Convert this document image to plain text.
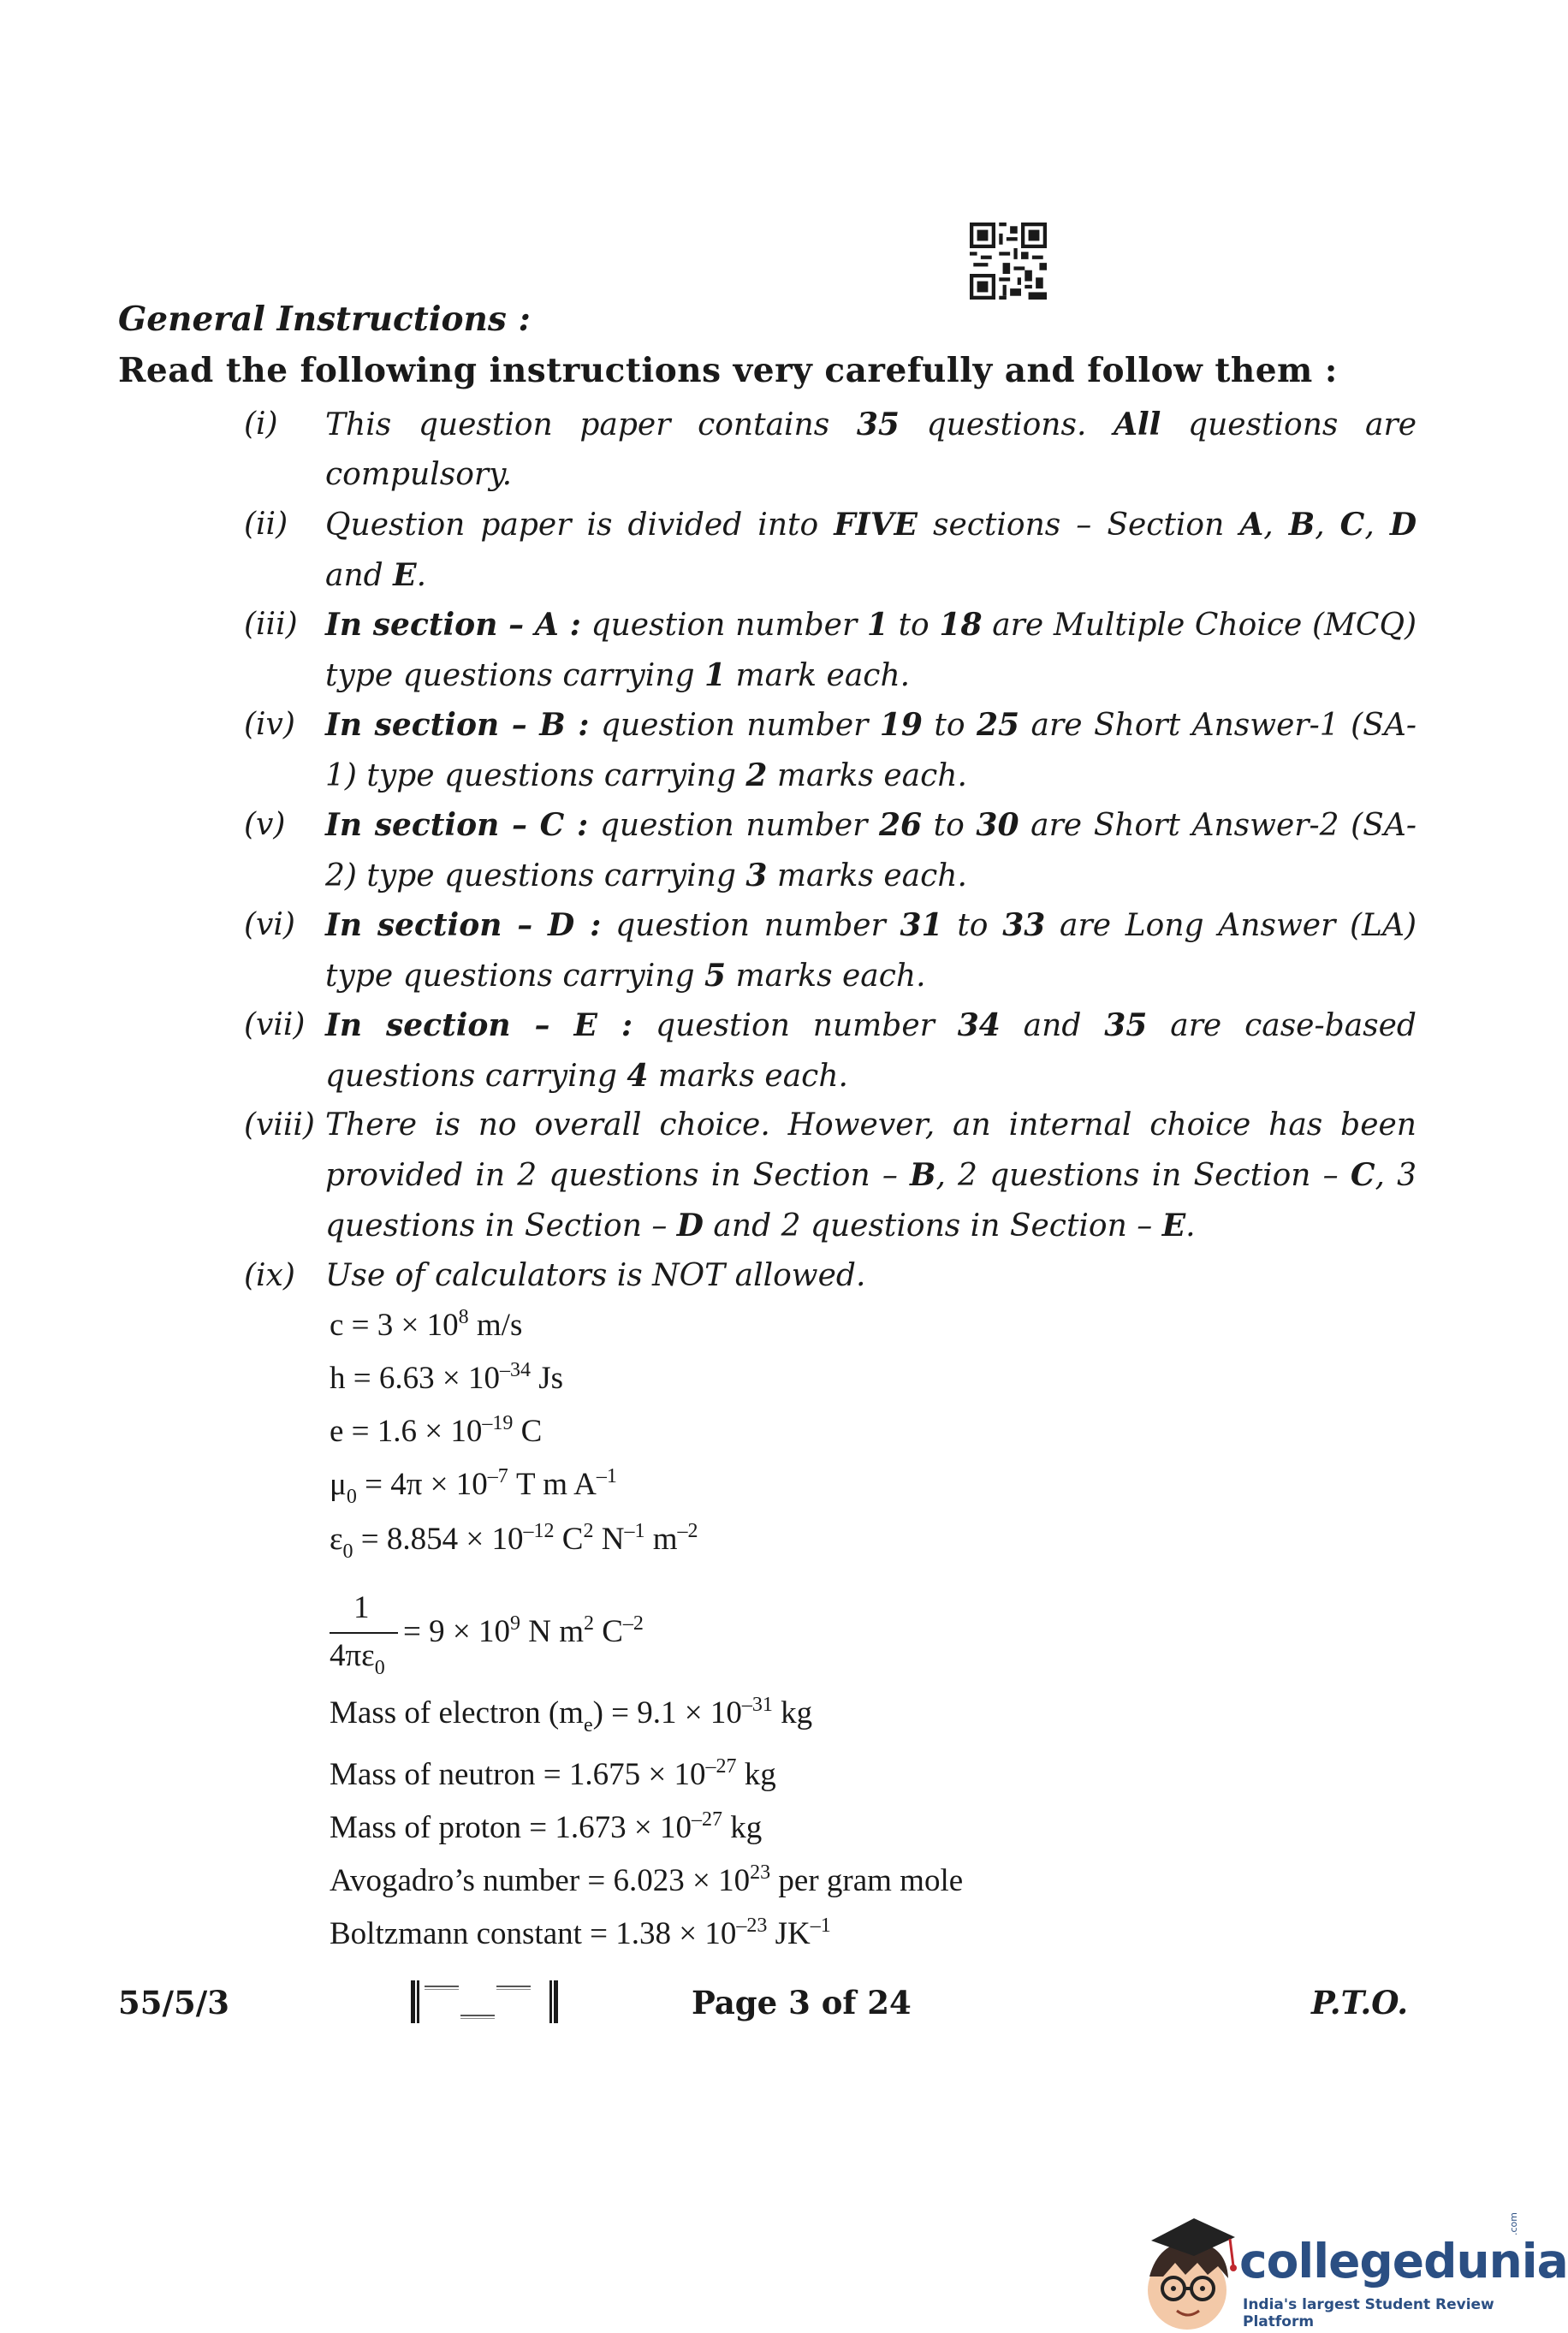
General Instructions :
Read the following instructions very carefully and follow them :
(i) This question paper contains 35 questions. All questions are compulsory.
(ii) Question paper is divided into FIVE sections – Section A, B, C, D and E.
(iii) In section – A : question number 1 to 18 are Multiple Choice (MCQ) type questions carrying 1 mark each.
(iv) In section – B : question number 19 to 25 are Short Answer-1 (SA-1) type questions carrying 2 marks each.
(v) In section – C : question number 26 to 30 are Short Answer-2 (SA-2) type questions carrying 3 marks each.
(vi) In section – D : question number 31 to 33 are Long Answer (LA) type questions carrying 5 marks each.
(vii) In section – E : question number 34 and 35 are case-based questions carrying 4 marks each.
(viii) There is no overall choice. However, an internal choice has been provided in 2 questions in Section – B, 2 questions in Section – C, 3 questions in Section – D and 2 questions in Section – E.
(ix) Use of calculators is NOT allowed.
$c = 3 \times 10^8$ m/s
$h = 6.63 \times 10^{-34}$ Js
$e = 1.6 \times 10^{-19}$ C
$\mu_0 = 4\pi \times 10^{-7}$ T m $A^{-1}$
$\varepsilon_0 = 8.854 \times 10^{-12}$ $C^2$ $N^{-1}$ $m^{-2}$
1
$4\pi\varepsilon_0$
= $9 \times 10^9$ N $m^2$ $C^{-2}$
Mass of electron $(m_e) = 9.1 \times 10^{-31}$ kg
Mass of neutron = $1.675 \times 10^{-27}$ kg
Mass of proton = $1.673 \times 10^{-27}$ kg
Avogadro’s number = $6.023 \times 10^{23}$ per gram mole
Boltzmann constant = $1.38 \times 10^{-23}$ $JK^{-1}$
55/5/3	Page 3 of 24	P.T.O.
collegedunia
.com
India's largest Student Review Platform
